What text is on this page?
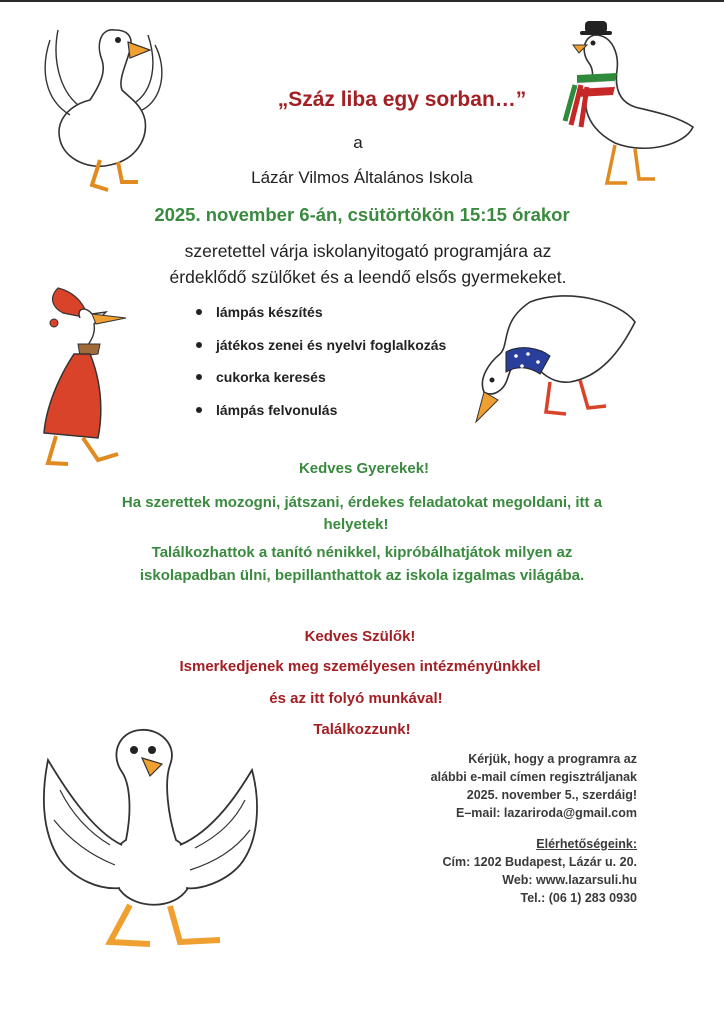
„Száz liba egy sorban…”
a
Lázár Vilmos Általános Iskola
2025. november 6-án, csütörtökön 15:15 órakor
szeretettel várja iskolanyitogató programjára az
érdeklődő szülőket és a leendő elsős gyermekeket.
lámpás készítés
játékos zenei és nyelvi foglalkozás
cukorka keresés
lámpás felvonulás
Kedves Gyerekek!
Ha szerettek mozogni, játszani, érdekes feladatokat megoldani, itt a
helyetek!
Találkozhattok a tanító nénikkel, kipróbálhatjátok milyen az
iskolapadban ülni, bepillanthattok az iskola izgalmas világába.
Kedves Szülők!
Ismerkedjenek meg személyesen intézményünkkel
és az itt folyó munkával!
Találkozzunk!
Kérjük, hogy a programra az
alábbi e-mail címen regisztráljanak
2025. november 5., szerdáig!
E–mail: lazariroda@gmail.com
Elérhetőségeink:
Cím: 1202 Budapest, Lázár u. 20.
Web: www.lazarsuli.hu
Tel.: (06 1) 283 0930
